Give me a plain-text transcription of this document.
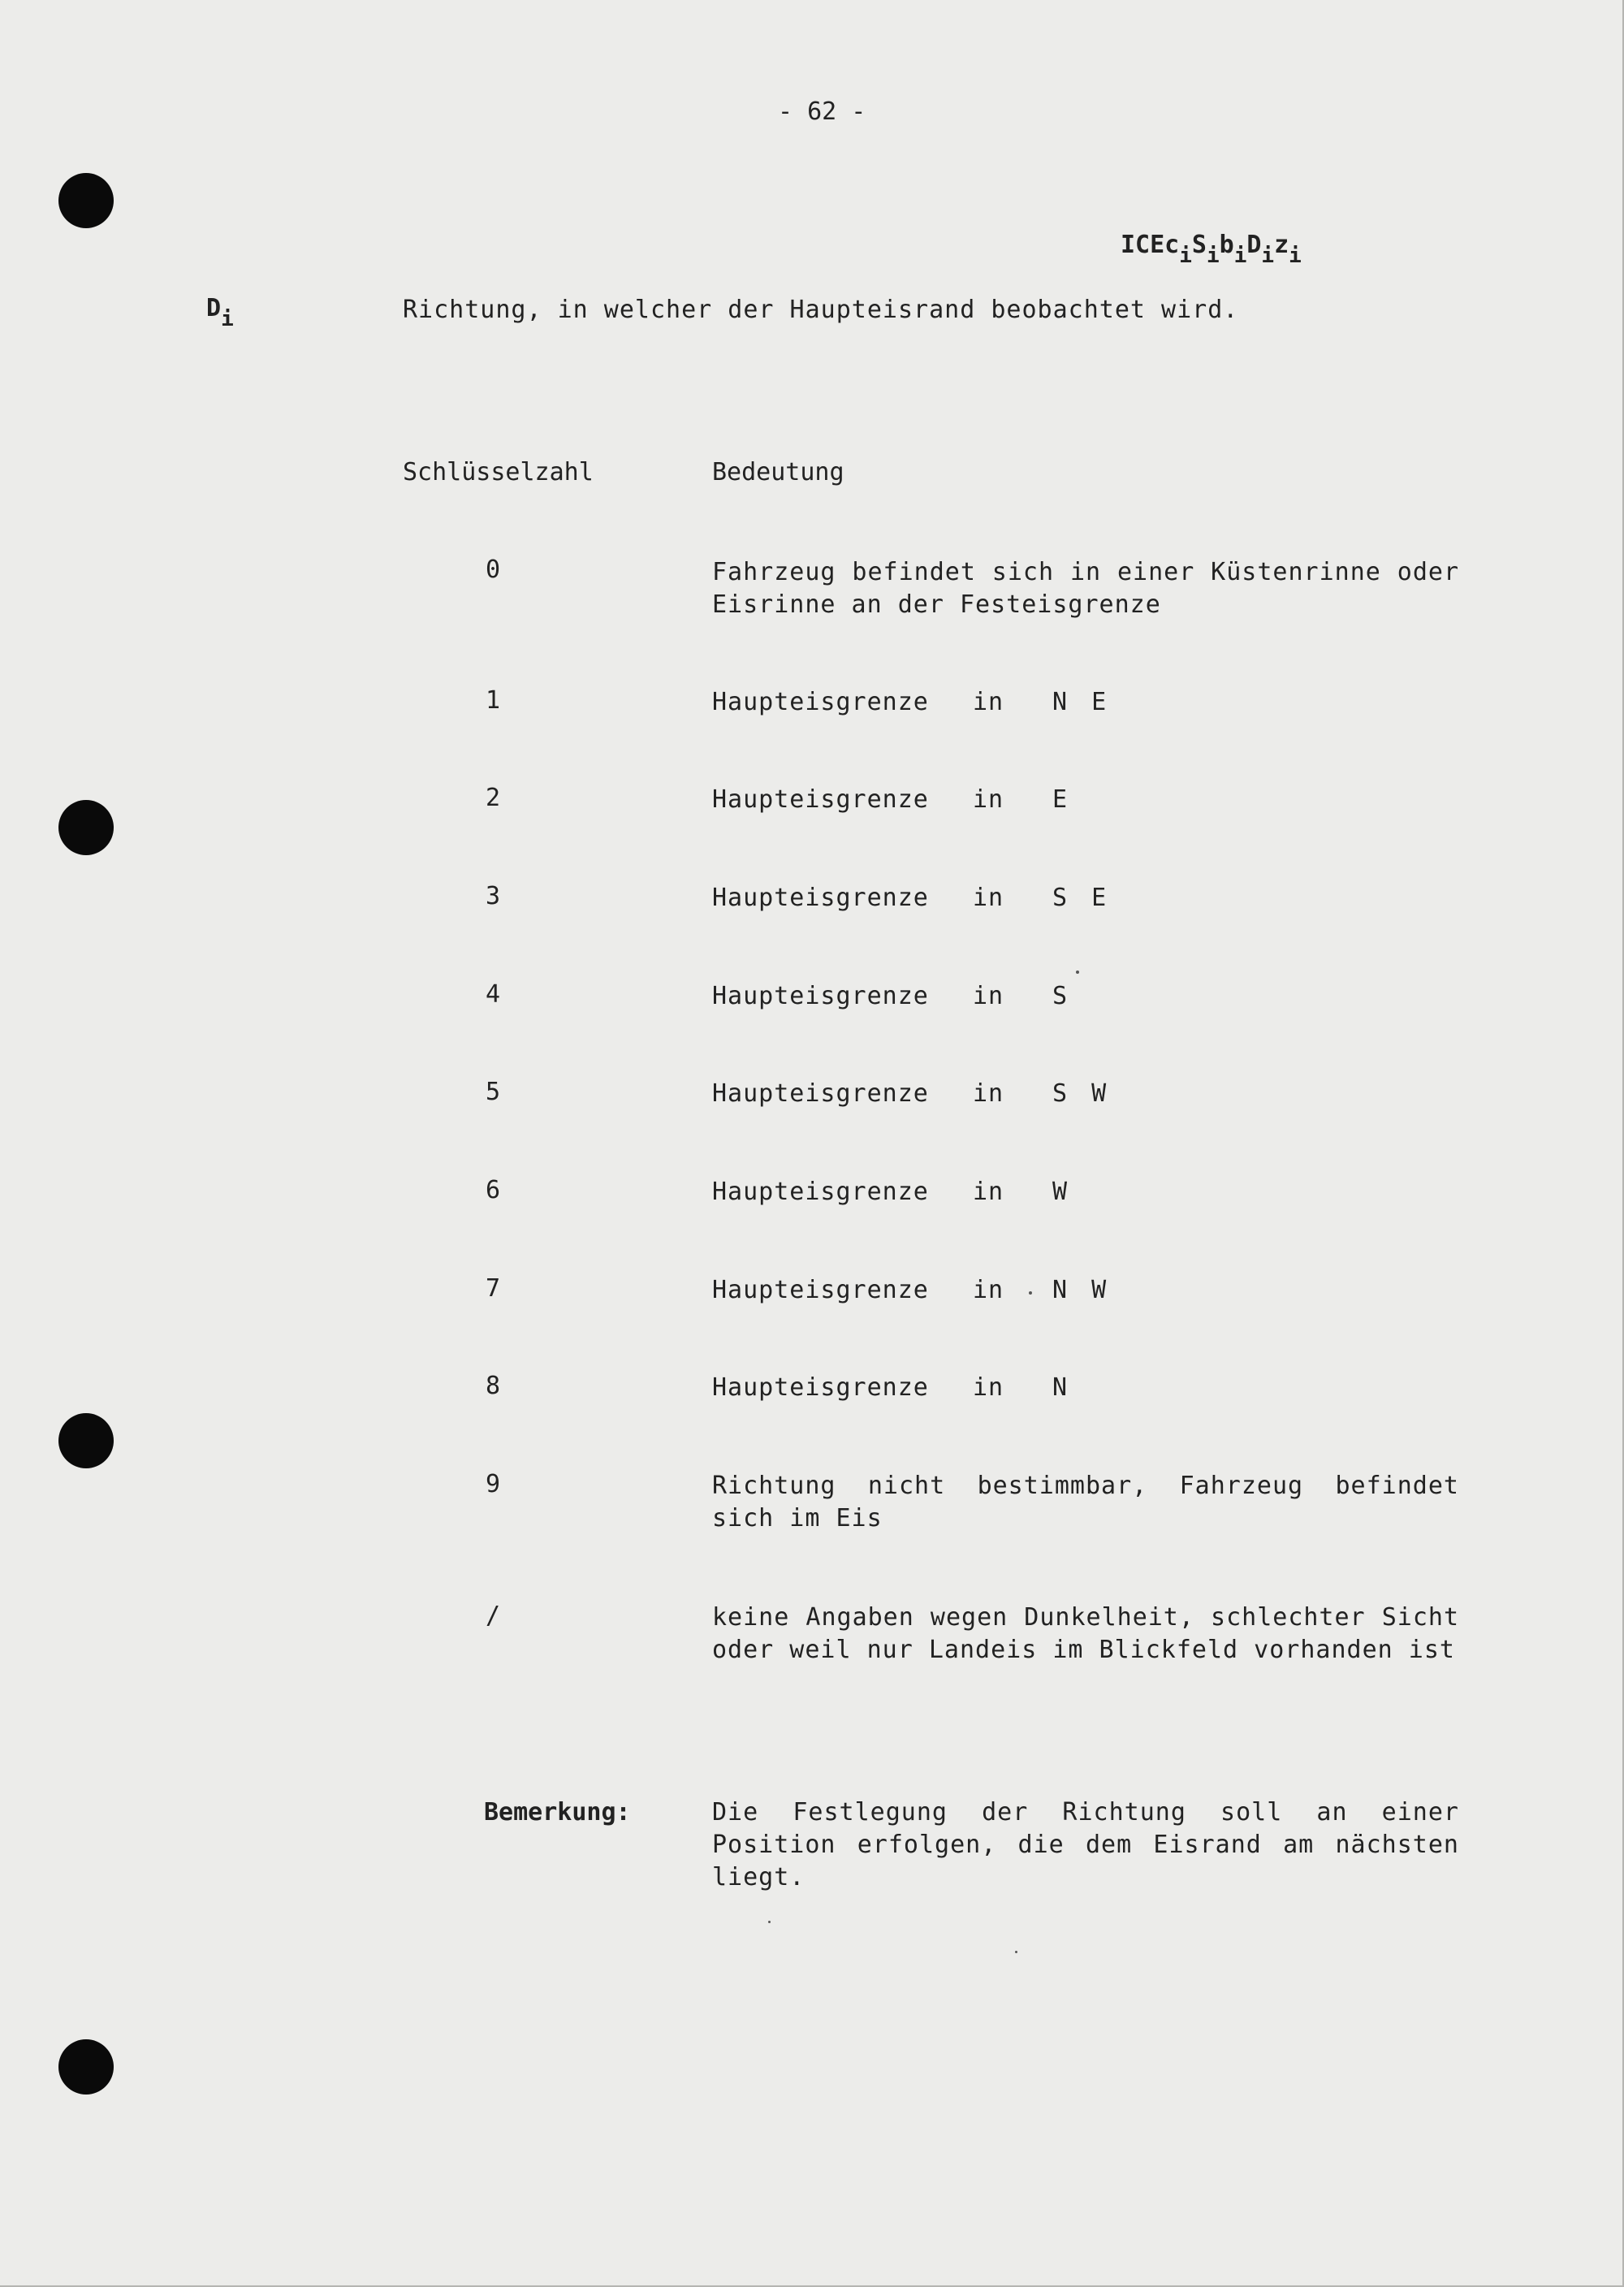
- 62 -
$ICEc_iS_ib_iD_iz_i$
$D_i$	Richtung, in welcher der Haupteisrand beobachtet wird.
Schlüsselzahl	Bedeutung
0	Fahrzeug befindet sich in einer Küstenrinne oder Eisrinne an der Festeisgrenze
1	Haupteisgrenze in N E
2	Haupteisgrenze in E
3	Haupteisgrenze in S E
4	Haupteisgrenze in S
5	Haupteisgrenze in S W
6	Haupteisgrenze in W
7	Haupteisgrenze in N W
8	Haupteisgrenze in N
9	Richtung nicht bestimmbar, Fahrzeug befindet sich im Eis
/	keine Angaben wegen Dunkelheit, schlechter Sicht oder weil nur Landeis im Blickfeld vorhanden ist
Bemerkung:	Die Festlegung der Richtung soll an einer Position erfolgen, die dem Eisrand am nächsten liegt.
